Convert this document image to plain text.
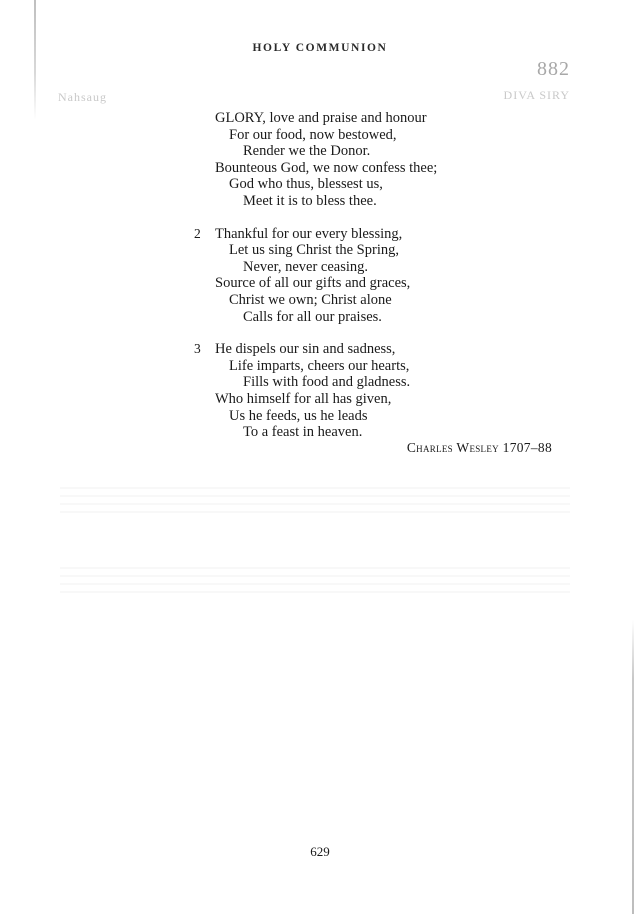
HOLY COMMUNION
882
DIVA SIRY
Nahsaug
GLORY, love and praise and honour
For our food, now bestowed,
Render we the Donor.
Bounteous God, we now confess thee;
God who thus, blessest us,
Meet it is to bless thee.
2 Thankful for our every blessing,
Let us sing Christ the Spring,
Never, never ceasing.
Source of all our gifts and graces,
Christ we own; Christ alone
Calls for all our praises.
3 He dispels our sin and sadness,
Life imparts, cheers our hearts,
Fills with food and gladness.
Who himself for all has given,
Us he feeds, us he leads
To a feast in heaven.
Charles Wesley 1707–88
629
